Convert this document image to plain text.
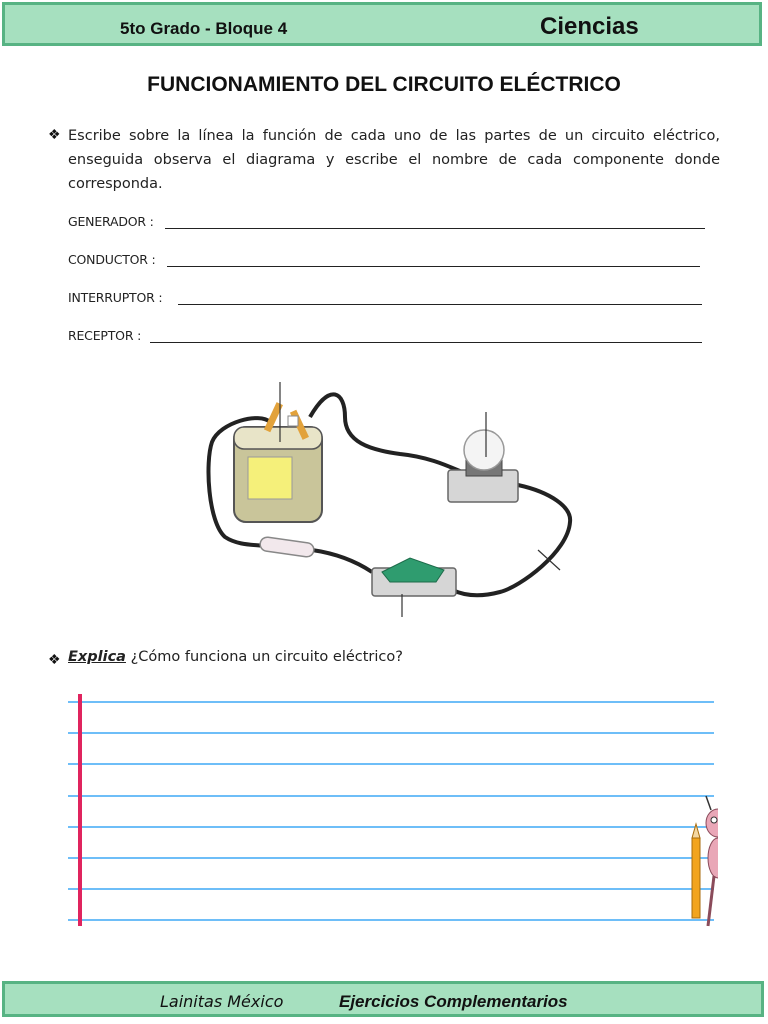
5to Grado - Bloque 4	Ciencias
FUNCIONAMIENTO DEL CIRCUITO ELÉCTRICO
❖ Escribe sobre la línea la función de cada uno de las partes de un circuito eléctrico, enseguida observa el diagrama y escribe el nombre de cada componente donde corresponda.
GENERADOR :
CONDUCTOR :
INTERRUPTOR :
RECEPTOR :
❖ Explica ¿Cómo funciona un circuito eléctrico?
Lainitas México	Ejercicios Complementarios
